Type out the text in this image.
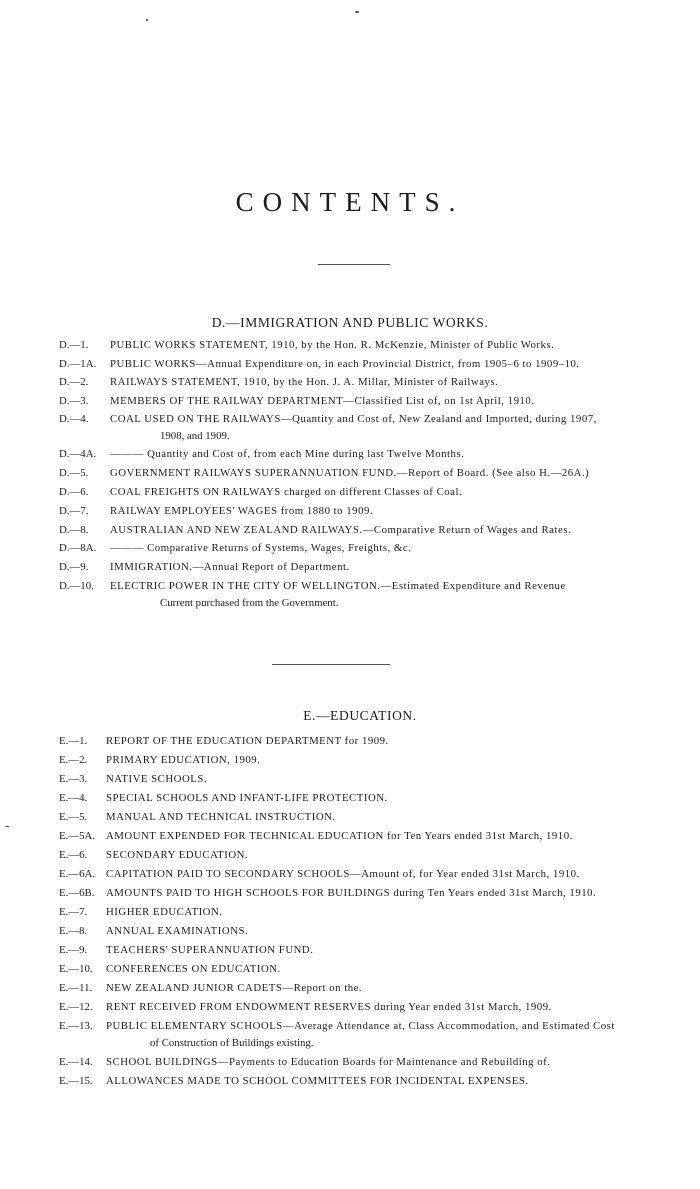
CONTENTS.
D.—IMMIGRATION AND PUBLIC WORKS.
D.—1.	PUBLIC WORKS STATEMENT, 1910, by the Hon. R. McKenzie, Minister of Public Works.
D.—1A.	PUBLIC WORKS—Annual Expenditure on, in each Provincial District, from 1905–6 to 1909–10.
D.—2.	RAILWAYS STATEMENT, 1910, by the Hon. J. A. Millar, Minister of Railways.
D.—3.	MEMBERS OF THE RAILWAY DEPARTMENT—Classified List of, on 1st April, 1910.
D.—4.	COAL USED ON THE RAILWAYS—Quantity and Cost of, New Zealand and Imported, during 1907,
1908, and 1909.
D.—4A.	——— Quantity and Cost of, from each Mine during last Twelve Months.
D.—5.	GOVERNMENT RAILWAYS SUPERANNUATION FUND.—Report of Board. (See also H.—26A.)
D.—6.	COAL FREIGHTS ON RAILWAYS charged on different Classes of Coal.
D.—7.	RAILWAY EMPLOYEES' WAGES from 1880 to 1909.
D.—8.	AUSTRALIAN AND NEW ZEALAND RAILWAYS.—Comparative Return of Wages and Rates.
D.—8A.	——— Comparative Returns of Systems, Wages, Freights, &c.
D.—9.	IMMIGRATION.—Annual Report of Department.
D.—10.	ELECTRIC POWER IN THE CITY OF WELLINGTON.—Estimated Expenditure and Revenue
Current purchased from the Government.
E.—EDUCATION.
E.—1.	REPORT OF THE EDUCATION DEPARTMENT for 1909.
E.—2.	PRIMARY EDUCATION, 1909.
E.—3.	NATIVE SCHOOLS.
E.—4.	SPECIAL SCHOOLS AND INFANT-LIFE PROTECTION.
E.—5.	MANUAL AND TECHNICAL INSTRUCTION.
E.—5A.	AMOUNT EXPENDED FOR TECHNICAL EDUCATION for Ten Years ended 31st March, 1910.
E.—6.	SECONDARY EDUCATION.
E.—6A.	CAPITATION PAID TO SECONDARY SCHOOLS—Amount of, for Year ended 31st March, 1910.
E.—6B.	AMOUNTS PAID TO HIGH SCHOOLS FOR BUILDINGS during Ten Years ended 31st March, 1910.
E.—7.	HIGHER EDUCATION.
E.—8.	ANNUAL EXAMINATIONS.
E.—9.	TEACHERS' SUPERANNUATION FUND.
E.—10.	CONFERENCES ON EDUCATION.
E.—11.	NEW ZEALAND JUNIOR CADETS—Report on the.
E.—12.	RENT RECEIVED FROM ENDOWMENT RESERVES during Year ended 31st March, 1909.
E.—13.	PUBLIC ELEMENTARY SCHOOLS—Average Attendance at, Class Accommodation, and Estimated Cost
of Construction of Buildings existing.
E.—14.	SCHOOL BUILDINGS—Payments to Education Boards for Maintenance and Rebuilding of.
E.—15.	ALLOWANCES MADE TO SCHOOL COMMITTEES FOR INCIDENTAL EXPENSES.
